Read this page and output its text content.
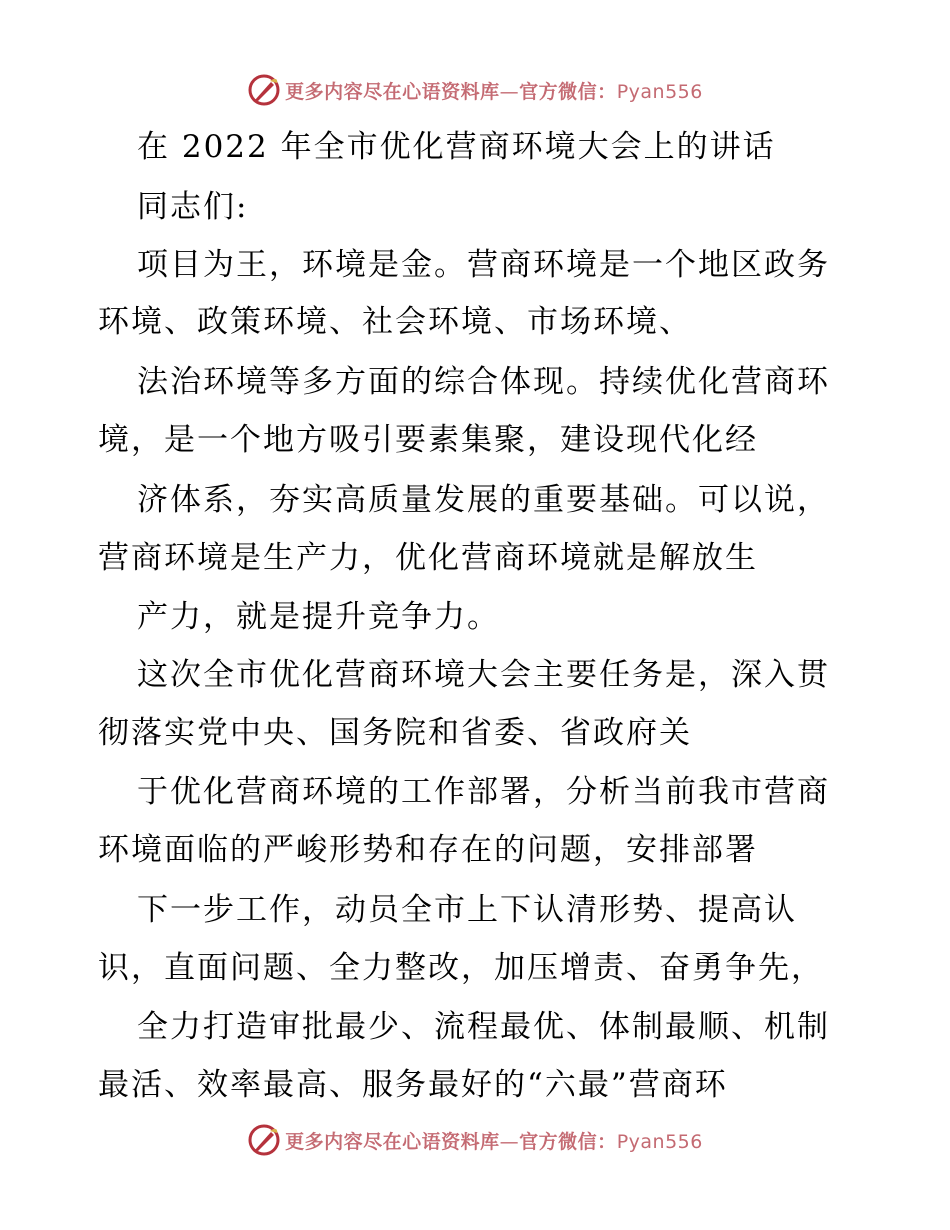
更多内容尽在心语资料库—官方微信：Pyan556
在 2022 年全市优化营商环境大会上的讲话
同志们:
项目为王，环境是金。营商环境是一个地区政务
环境、政策环境、社会环境、市场环境、
法治环境等多方面的综合体现。持续优化营商环
境，是一个地方吸引要素集聚，建设现代化经
济体系，夯实高质量发展的重要基础。可以说，
营商环境是生产力，优化营商环境就是解放生
产力，就是提升竞争力。
这次全市优化营商环境大会主要任务是，深入贯
彻落实党中央、国务院和省委、省政府关
于优化营商环境的工作部署，分析当前我市营商
环境面临的严峻形势和存在的问题，安排部署
下一步工作，动员全市上下认清形势、提高认
识，直面问题、全力整改，加压增责、奋勇争先，
全力打造审批最少、流程最优、体制最顺、机制
最活、效率最高、服务最好的“六最”营商环
更多内容尽在心语资料库—官方微信：Pyan556
